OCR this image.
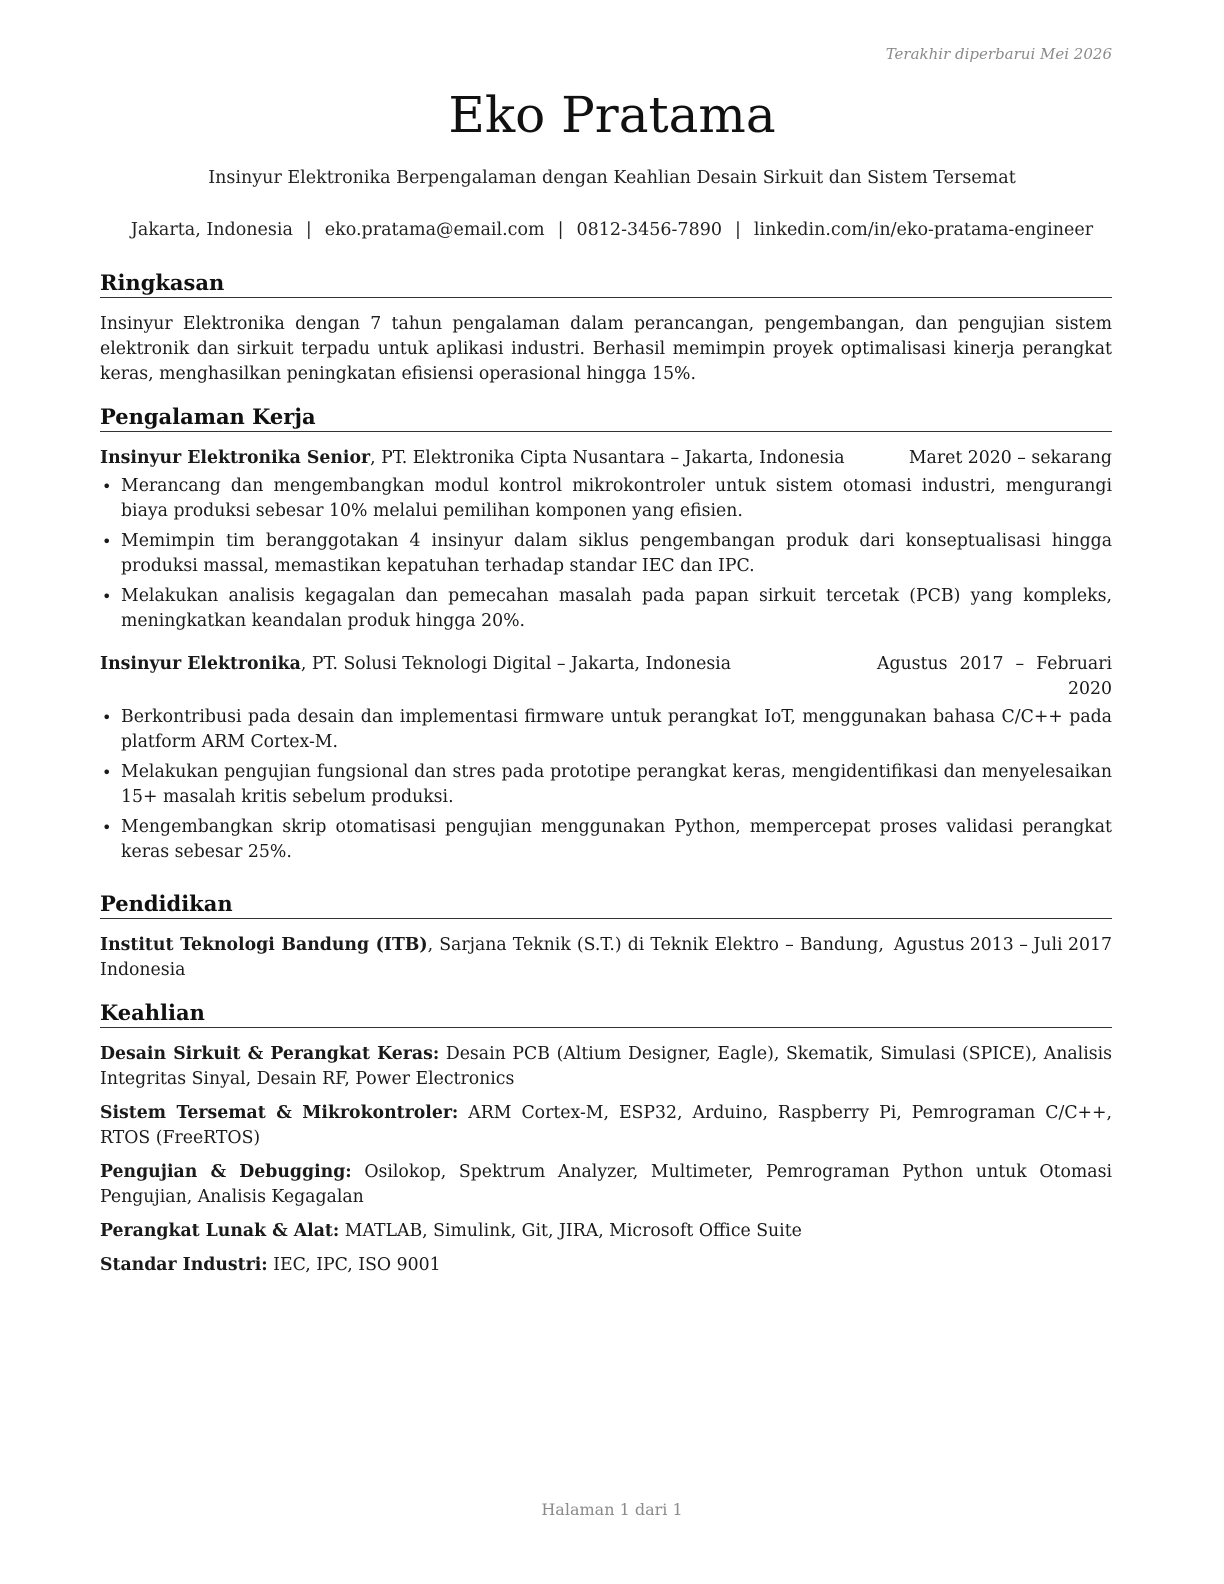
Terakhir diperbarui Mei 2026
Eko Pratama
Insinyur Elektronika Berpengalaman dengan Keahlian Desain Sirkuit dan Sistem Tersemat
Jakarta, Indonesia | eko.pratama@email.com | 0812-3456-7890 | linkedin.com/in/eko-pratama-engineer
Ringkasan

Insinyur Elektronika dengan 7 tahun pengalaman dalam perancangan, pengembangan, dan pengujian sistem elektronik dan sirkuit terpadu untuk aplikasi industri. Berhasil memimpin proyek optimalisasi kinerja perangkat keras, menghasilkan peningkatan efisiensi operasional hingga 15%.

Pengalaman Kerja
Insinyur Elektronika Senior, PT. Elektronika Cipta Nusantara – Jakarta, Indonesia	Maret 2020 – sekarang
• Merancang dan mengembangkan modul kontrol mikrokontroler untuk sistem otomasi industri, mengurangi biaya produksi sebesar 10% melalui pemilihan komponen yang efisien.
• Memimpin tim beranggotakan 4 insinyur dalam siklus pengembangan produk dari konseptualisasi hingga produksi massal, memastikan kepatuhan terhadap standar IEC dan IPC.
• Melakukan analisis kegagalan dan pemecahan masalah pada papan sirkuit tercetak (PCB) yang kompleks, meningkatkan keandalan produk hingga 20%.
Insinyur Elektronika, PT. Solusi Teknologi Digital – Jakarta, Indonesia	Agustus 2017 – Februari 2020
• Berkontribusi pada desain dan implementasi firmware untuk perangkat IoT, menggunakan bahasa C/C++ pada platform ARM Cortex-M.
• Melakukan pengujian fungsional dan stres pada prototipe perangkat keras, mengidentifikasi dan menyelesaikan 15+ masalah kritis sebelum produksi.
• Mengembangkan skrip otomatisasi pengujian menggunakan Python, mempercepat proses validasi perangkat keras sebesar 25%.
Pendidikan
Institut Teknologi Bandung (ITB), Sarjana Teknik (S.T.) di Teknik Elektro – Bandung, Indonesia
Agustus 2013 – Juli 2017
Keahlian

Desain Sirkuit & Perangkat Keras: Desain PCB (Altium Designer, Eagle), Skematik, Simulasi (SPICE), Analisis Integritas Sinyal, Desain RF, Power Electronics

Sistem Tersemat & Mikrokontroler: ARM Cortex-M, ESP32, Arduino, Raspberry Pi, Pemrograman C/C++, RTOS (FreeRTOS)

Pengujian & Debugging: Osilokop, Spektrum Analyzer, Multimeter, Pemrograman Python untuk Otomasi Pengujian, Analisis Kegagalan

Perangkat Lunak & Alat: MATLAB, Simulink, Git, JIRA, Microsoft Office Suite

Standar Industri: IEC, IPC, ISO 9001

Halaman 1 dari 1
